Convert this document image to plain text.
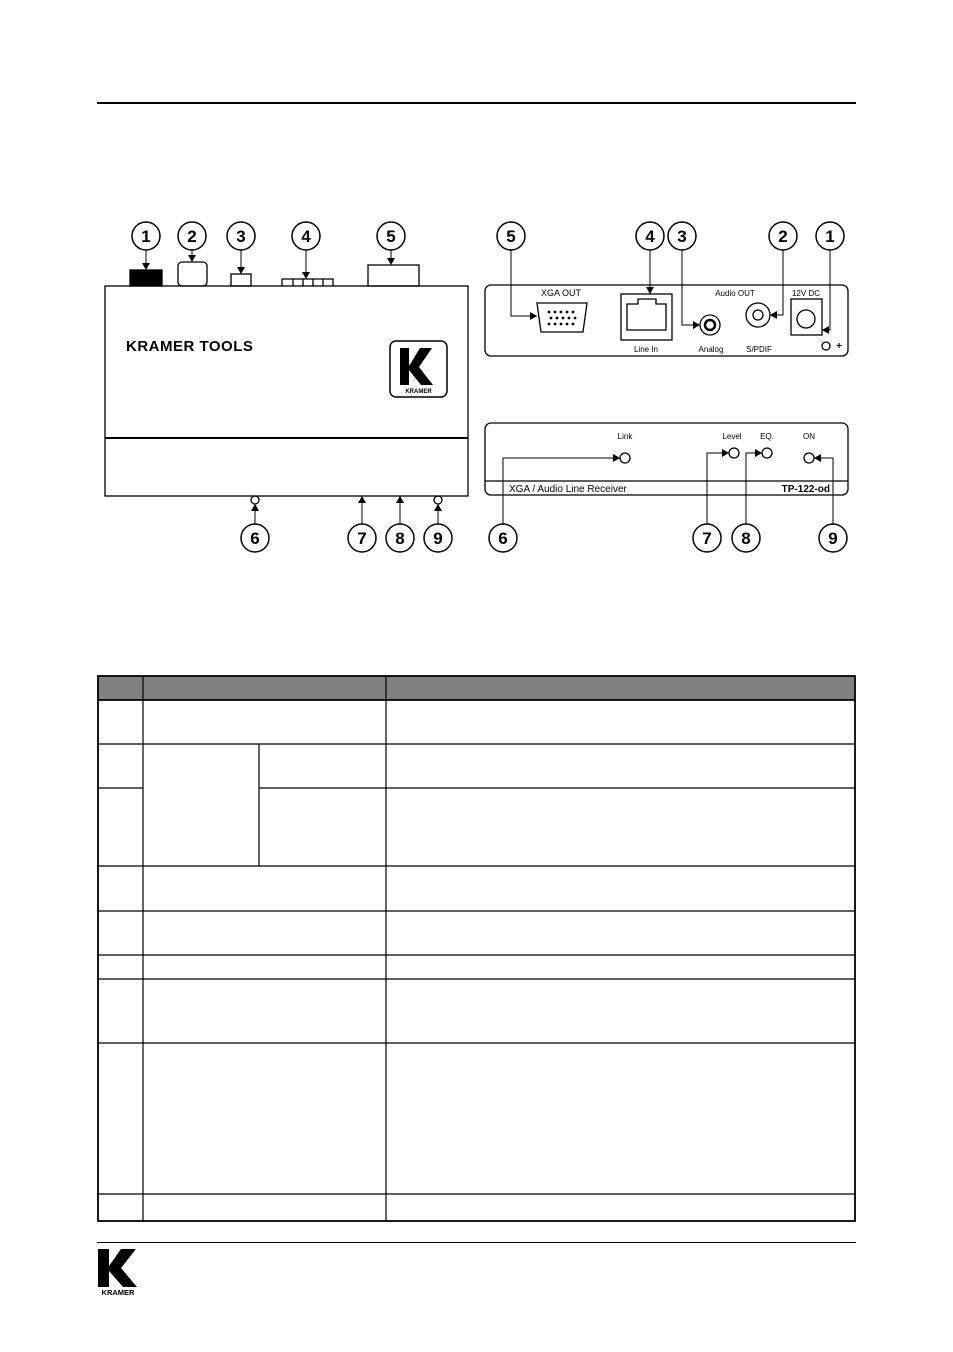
KRAMER
KRAMER TOOLS
XGA OUT
Line In	Analog
Audio OUT
S/PDIF
12V DC
+
Link	Level EQ.	ON
XGA / Audio Line Receiver	TP-122-od
1 2 3	4	5	5	4 3	2 1
6	7 8 9	6	7 8	9
KRAMER
